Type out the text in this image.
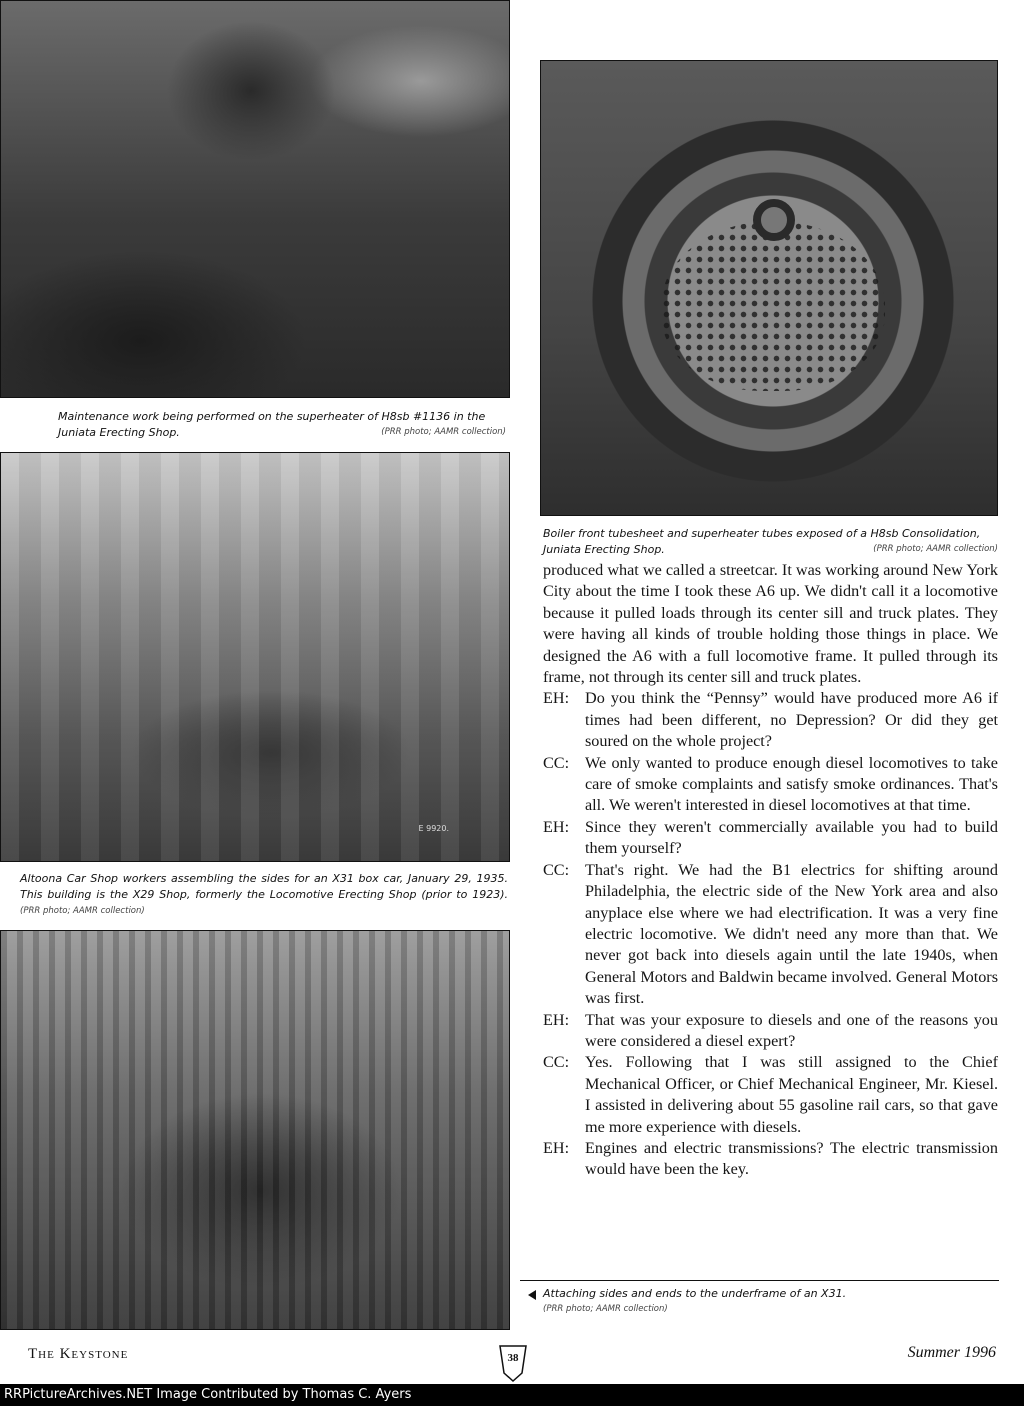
Maintenance work being performed on the superheater of H8sb #1136 in the Juniata Erecting Shop.	(PRR photo; AAMR collection)

E 9920.

Altoona Car Shop workers assembling the sides for an X31 box car, January 29, 1935. This building is the X29 Shop, formerly the Locomotive Erecting Shop (prior to 1923). (PRR photo; AAMR collection)

Boiler front tubesheet and superheater tubes exposed of a H8sb Consolidation, Juniata Erecting Shop.	(PRR photo; AAMR collection)

produced what we called a streetcar. It was working around New York City about the time I took these A6 up. We didn't call it a locomotive because it pulled loads through its center sill and truck plates. They were having all kinds of trouble holding those things in place. We designed the A6 with a full locomotive frame. It pulled through its frame, not through its center sill and truck plates.

EH: Do you think the “Pennsy” would have produced more A6 if times had been different, no Depression? Or did they get soured on the whole project?
CC: We only wanted to produce enough diesel locomotives to take care of smoke complaints and satisfy smoke ordinances. That's all. We weren't interested in diesel locomotives at that time.
EH: Since they weren't commercially available you had to build them yourself?
CC: That's right. We had the B1 electrics for shifting around Philadelphia, the electric side of the New York area and also anyplace else where we had electrification. It was a very fine electric locomotive. We didn't need any more than that. We never got back into diesels again until the late 1940s, when General Motors and Baldwin became involved. General Motors was first.
EH: That was your exposure to diesels and one of the reasons you were considered a diesel expert?
CC: Yes. Following that I was still assigned to the Chief Mechanical Officer, or Chief Mechanical Engineer, Mr. Kiesel. I assisted in delivering about 55 gasoline rail cars, so that gave me more experience with diesels.
EH: Engines and electric transmissions? The electric transmission would have been the key.

Attaching sides and ends to the underframe of an X31.
(PRR photo; AAMR collection)

The Keystone	38	Summer 1996
RRPictureArchives.NET Image Contributed by Thomas C. Ayers
